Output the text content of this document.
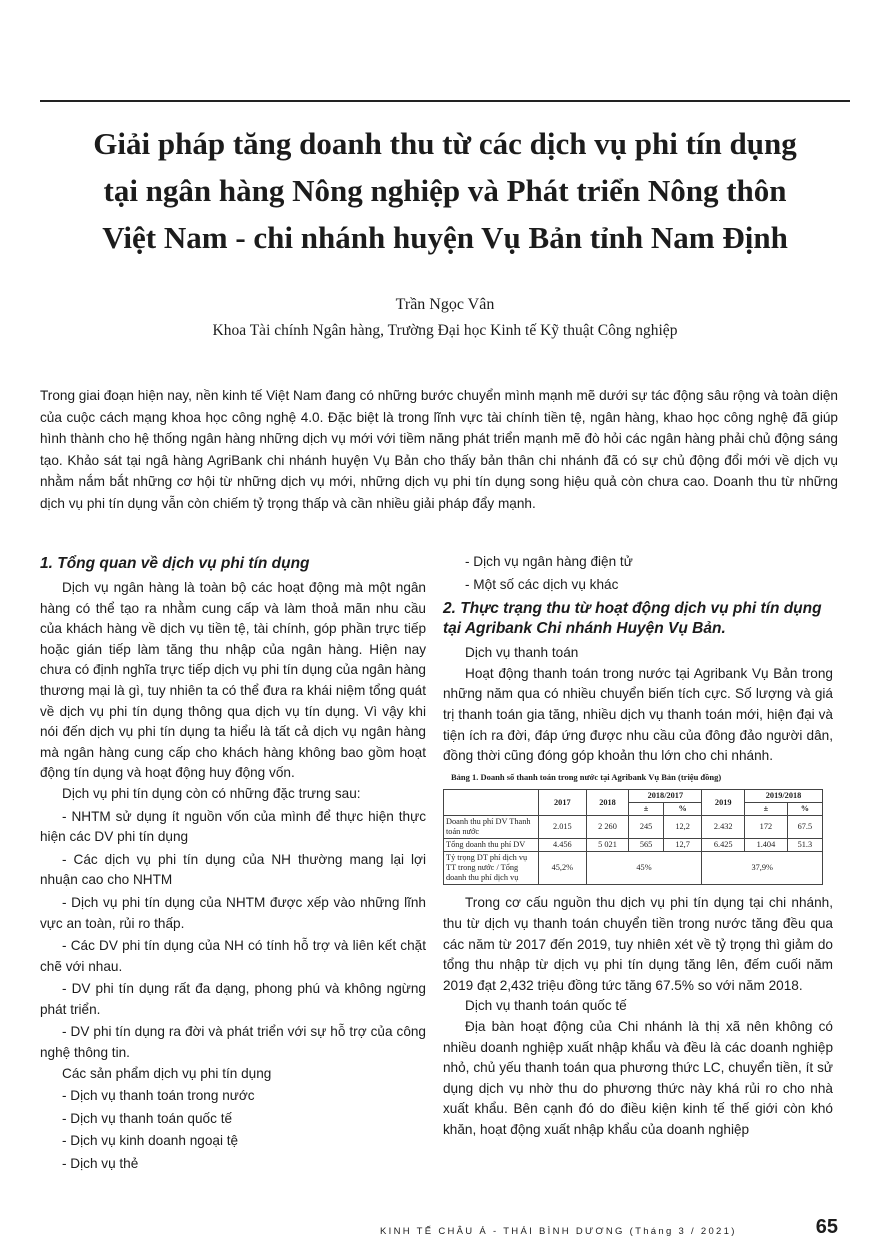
Giải pháp tăng doanh thu từ các dịch vụ phi tín dụng
tại ngân hàng Nông nghiệp và Phát triển Nông thôn
Việt Nam - chi nhánh huyện Vụ Bản tỉnh Nam Định
Trần Ngọc Vân
Khoa Tài chính Ngân hàng, Trường Đại học Kinh tế Kỹ thuật Công nghiệp

Trong giai đoạn hiện nay, nền kinh tế Việt Nam đang có những bước chuyển mình mạnh mẽ dưới sự tác động sâu rộng và toàn diện của cuộc cách mạng khoa học công nghệ 4.0. Đặc biệt là trong lĩnh vực tài chính tiền tệ, ngân hàng, khao học công nghệ đã giúp hình thành cho hệ thống ngân hàng những dịch vụ mới với tiềm năng phát triển mạnh mẽ đò hỏi các ngân hàng phải chủ động sáng tạo. Khảo sát tại ngâ hàng AgriBank chi nhánh huyện Vụ Bản cho thấy bản thân chi nhánh đã có sự chủ động đổi mới về dịch vụ nhằm nắm bắt những cơ hội từ những dịch vụ mới, những dịch vụ phi tín dụng song hiệu quả còn chưa cao. Doanh thu từ những dịch vụ phi tín dụng vẫn còn chiếm tỷ trọng thấp và cần nhiều giải pháp đẩy mạnh.

1. Tổng quan về dịch vụ phi tín dụng

Dịch vụ ngân hàng là toàn bộ các hoạt động mà một ngân hàng có thể tạo ra nhằm cung cấp và làm thoả mãn nhu cầu của khách hàng về dịch vụ tiền tệ, tài chính, góp phần trực tiếp hoặc gián tiếp làm tăng thu nhập của ngân hàng. Hiện nay chưa có định nghĩa trực tiếp dịch vụ phi tín dụng của ngân hàng thương mại là gì, tuy nhiên ta có thể đưa ra khái niệm tổng quát về dịch vụ phi tín dụng thông qua dịch vụ tín dụng. Vì vậy khi nói đến dịch vụ phi tín dụng ta hiểu là tất cả dịch vụ ngân hàng mà ngân hàng cung cấp cho khách hàng không bao gồm hoạt động tín dụng và hoạt động huy động vốn.

Dịch vụ phi tín dụng còn có những đặc trưng sau:

- NHTM sử dụng ít nguồn vốn của mình để thực hiện thực hiện các DV phi tín dụng

- Các dịch vụ phi tín dụng của NH thường mang lại lợi nhuận cao cho NHTM

- Dịch vụ phi tín dụng của NHTM được xếp vào những lĩnh vực an toàn, rủi ro thấp.

- Các DV phi tín dụng của NH có tính hỗ trợ và liên kết chặt chẽ với nhau.

- DV phi tín dụng rất đa dạng, phong phú và không ngừng phát triển.

- DV phi tín dụng ra đời và phát triển với sự hỗ trợ của công nghệ thông tin.

Các sản phẩm dịch vụ phi tín dụng

- Dịch vụ thanh toán trong nước

- Dịch vụ thanh toán quốc tế

- Dịch vụ kinh doanh ngoại tệ

- Dịch vụ thẻ

- Dịch vụ ngân hàng điện tử

- Một số các dịch vụ khác

2. Thực trạng thu từ hoạt động dịch vụ phi tín dụng tại Agribank Chi nhánh Huyện Vụ Bản.

Dịch vụ thanh toán

Hoạt động thanh toán trong nước tại Agribank Vụ Bản trong những năm qua có nhiều chuyển biến tích cực. Số lượng và giá trị thanh toán gia tăng, nhiều dịch vụ thanh toán mới, hiện đại và tiện ích ra đời, đáp ứng được nhu cầu của đông đảo người dân, đồng thời cũng đóng góp khoản thu lớn cho chi nhánh.

Bảng 1. Doanh số thanh toán trong nước tại Agribank Vụ Bản (triệu đồng)
	2017	2018	2018/2017		2019	2019/2018	
			±	%		±	%
Doanh thu phí DV Thanh toán nước	2.015	2 260	245	12,2	2.432	172	67.5
Tổng doanh thu phí DV	4.456	5 021	565	12,7	6.425	1.404	51.3
Tỷ trọng DT phí dịch vụ TT trong nước / Tổng doanh thu phí dịch vụ	45,2%	45%			37,9%		

Trong cơ cấu nguồn thu dịch vụ phi tín dụng tại chi nhánh, thu từ dịch vụ thanh toán chuyển tiền trong nước tăng đều qua các năm từ 2017 đến 2019, tuy nhiên xét về tỷ trọng thì giảm do tổng thu nhập từ dịch vụ phi tín dụng tăng lên, đếm cuối năm 2019 đạt 2,432 triệu đồng tức tăng 67.5% so với năm 2018.

Dịch vụ thanh toán quốc tế

Địa bàn hoạt động của Chi nhánh là thị xã nên không có nhiều doanh nghiệp xuất nhập khẩu và đều là các doanh nghiệp nhỏ, chủ yếu thanh toán qua phương thức LC, chuyển tiền, ít sử dụng dịch vụ nhờ thu do phương thức này khá rủi ro cho nhà xuất khẩu. Bên cạnh đó do điều kiện kinh tế thế giới còn khó khăn, hoạt động xuất nhập khẩu của doanh nghiệp

KINH TẾ CHÂU Á - THÁI BÌNH DƯƠNG (Tháng 3 / 2021)	65
